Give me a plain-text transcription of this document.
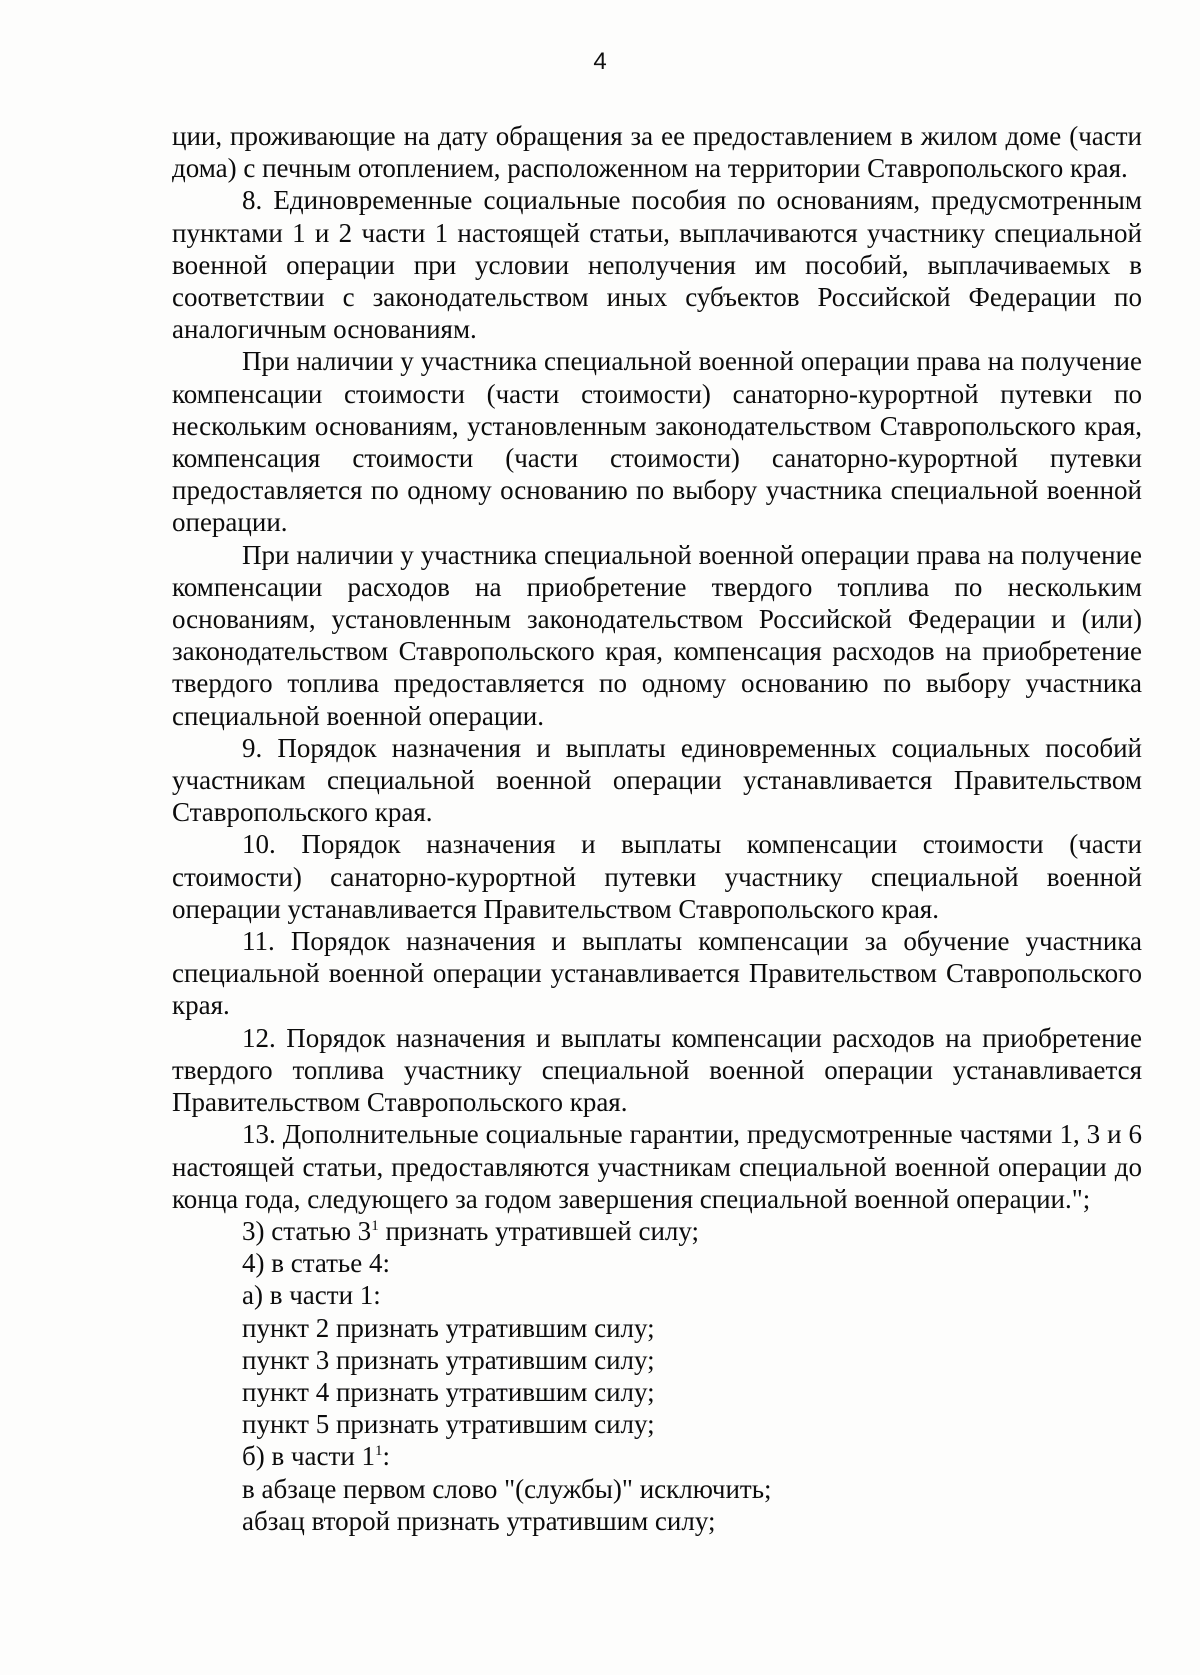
4

ции, проживающие на дату обращения за ее предоставлением в жилом доме (части дома) с печным отоплением, расположенном на территории Ставропольского края.

8. Единовременные социальные пособия по основаниям, предусмотренным пунктами 1 и 2 части 1 настоящей статьи, выплачиваются участнику специальной военной операции при условии неполучения им пособий, выплачиваемых в соответствии с законодательством иных субъектов Российской Федерации по аналогичным основаниям.

При наличии у участника специальной военной операции права на получение компенсации стоимости (части стоимости) санаторно-курортной путевки по нескольким основаниям, установленным законодательством Ставропольского края, компенсация стоимости (части стоимости) санаторно-курортной путевки предоставляется по одному основанию по выбору участника специальной военной операции.

При наличии у участника специальной военной операции права на получение компенсации расходов на приобретение твердого топлива по нескольким основаниям, установленным законодательством Российской Федерации и (или) законодательством Ставропольского края, компенсация расходов на приобретение твердого топлива предоставляется по одному основанию по выбору участника специальной военной операции.

9. Порядок назначения и выплаты единовременных социальных пособий участникам специальной военной операции устанавливается Правительством Ставропольского края.

10. Порядок назначения и выплаты компенсации стоимости (части стоимости) санаторно-курортной путевки участнику специальной военной операции устанавливается Правительством Ставропольского края.

11. Порядок назначения и выплаты компенсации за обучение участника специальной военной операции устанавливается Правительством Ставропольского края.

12. Порядок назначения и выплаты компенсации расходов на приобретение твердого топлива участнику специальной военной операции устанавливается Правительством Ставропольского края.

13. Дополнительные социальные гарантии, предусмотренные частями 1, 3 и 6 настоящей статьи, предоставляются участникам специальной военной операции до конца года, следующего за годом завершения специальной военной операции.";

3) статью $3^1$ признать утратившей силу;

4) в статье 4:

а) в части 1:

пункт 2 признать утратившим силу;

пункт 3 признать утратившим силу;

пункт 4 признать утратившим силу;

пункт 5 признать утратившим силу;

б) в части $1^1$:

в абзаце первом слово "(службы)" исключить;

абзац второй признать утратившим силу;
